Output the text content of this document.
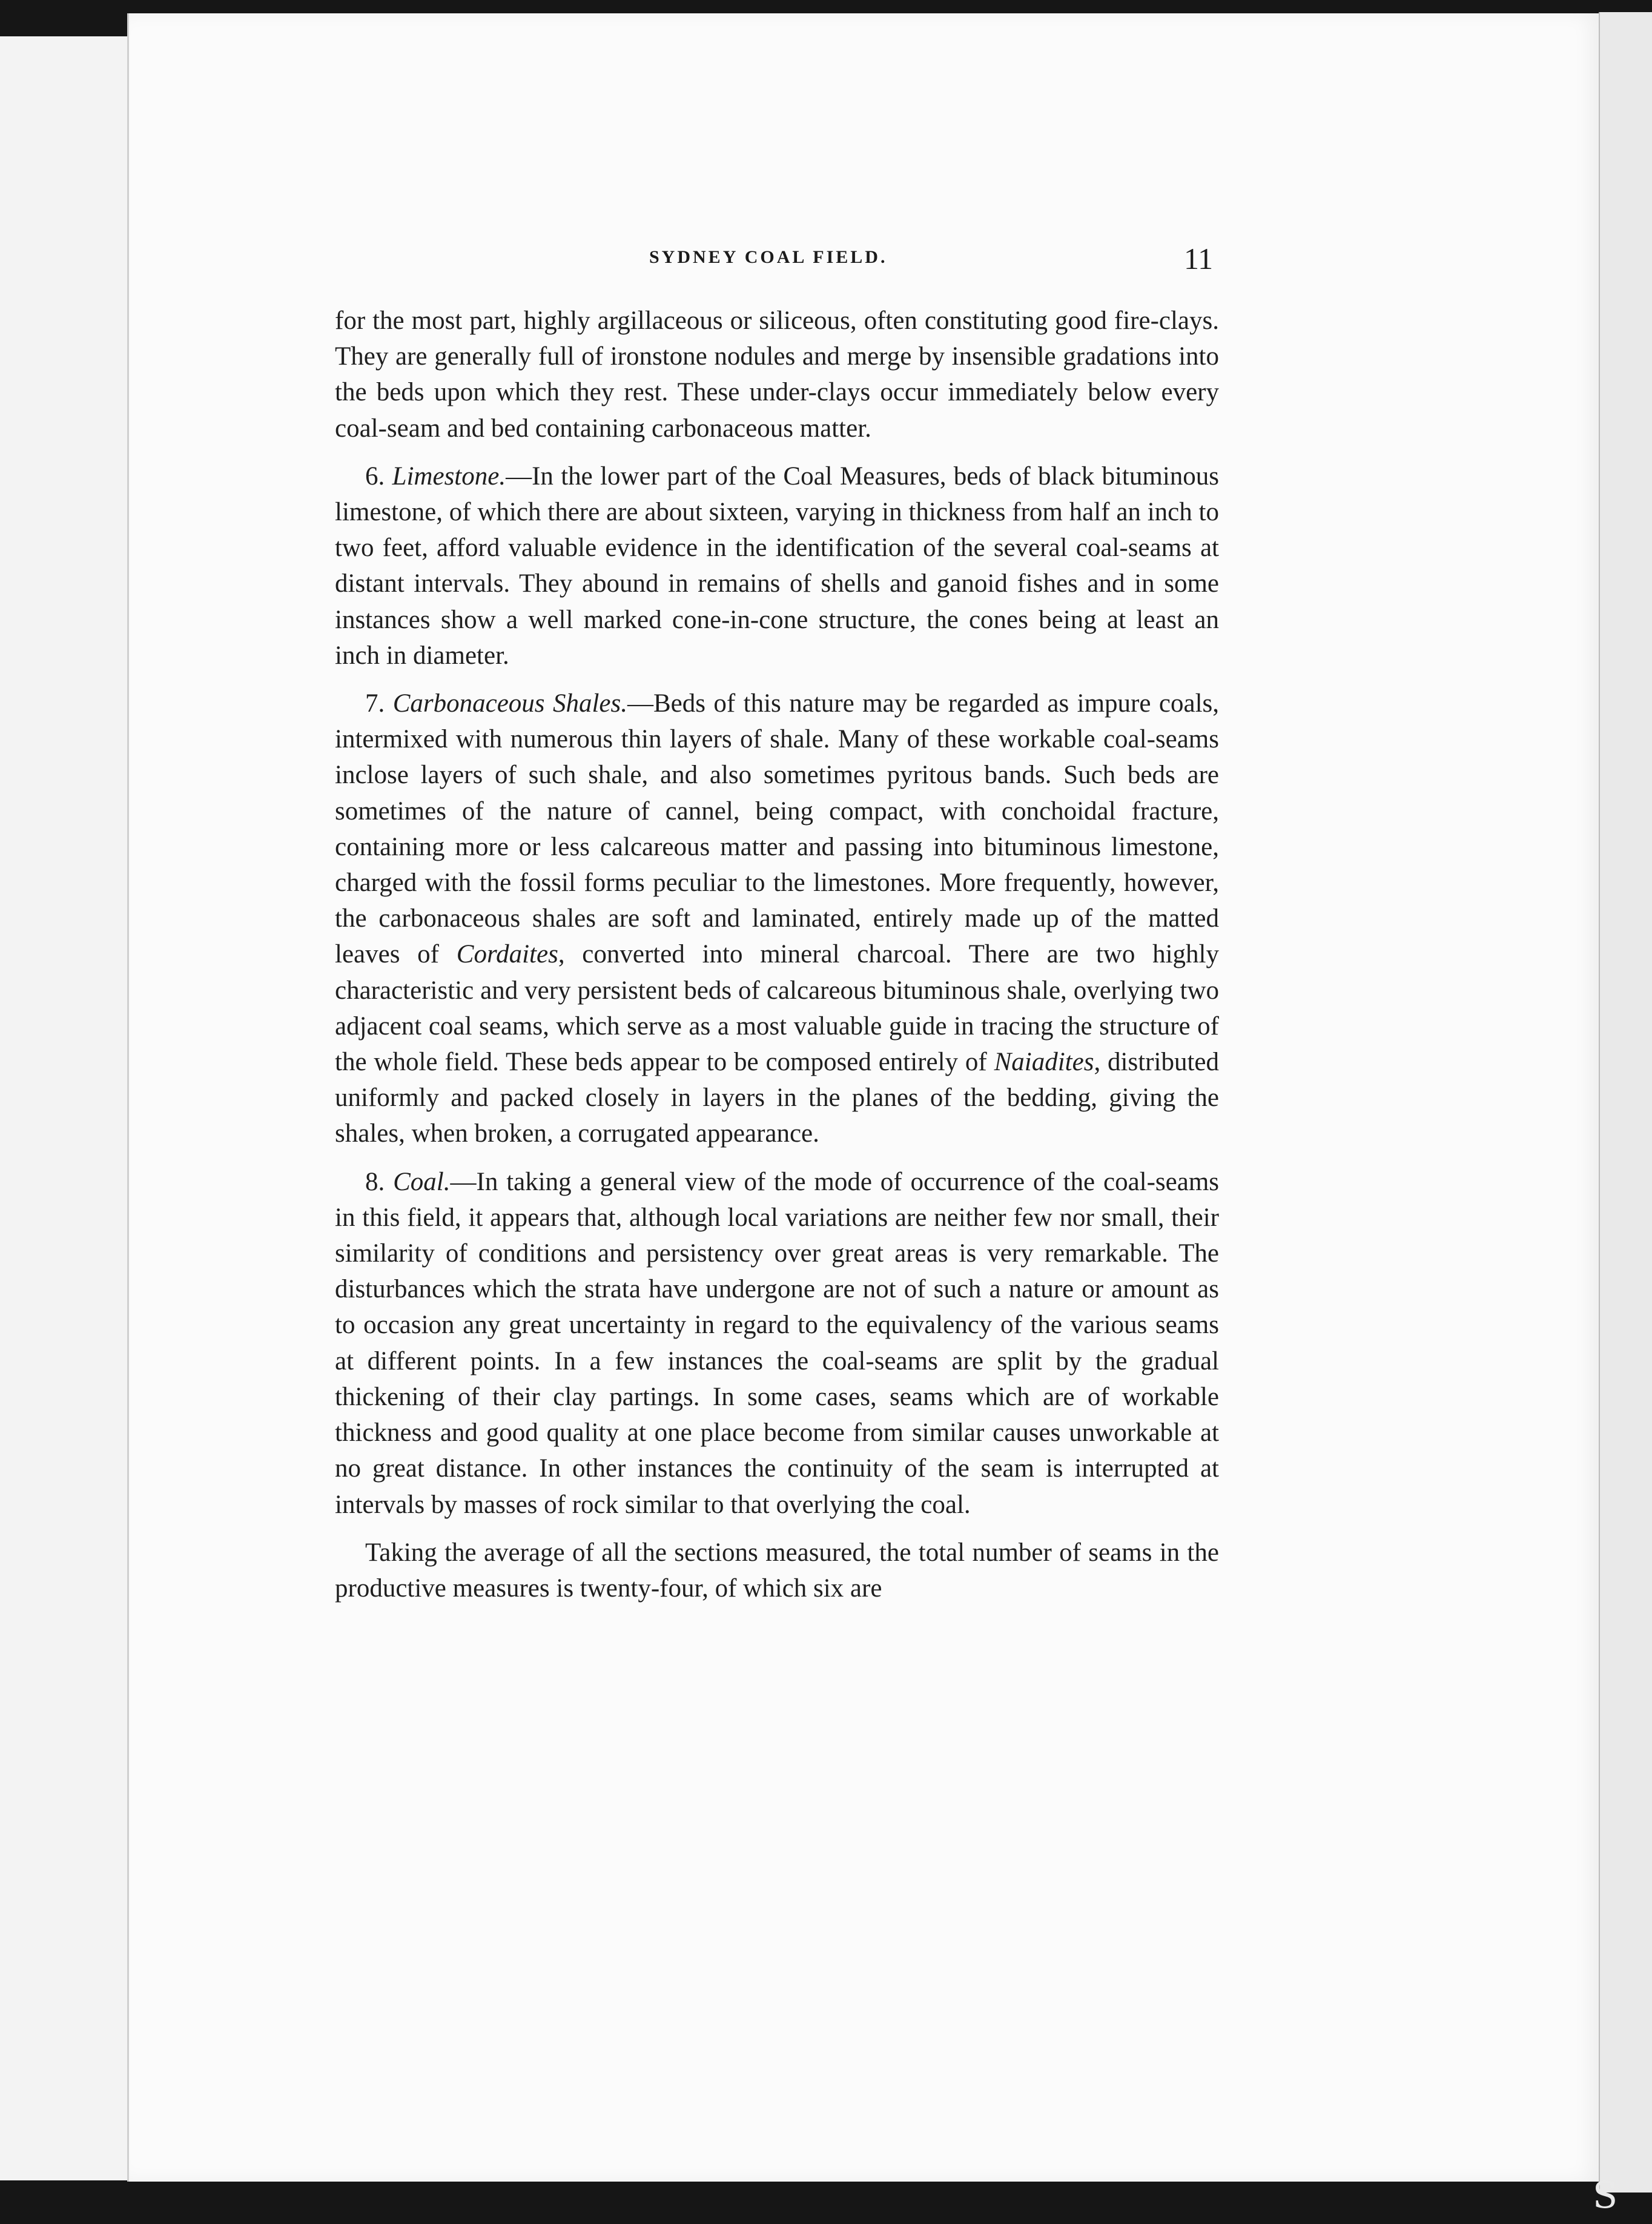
SYDNEY COAL FIELD.	11

for the most part, highly argillaceous or siliceous, often constituting good fire-clays. They are generally full of ironstone nodules and merge by insensible gradations into the beds upon which they rest. These under-clays occur immediately below every coal-seam and bed containing carbonaceous matter.

6. Limestone.—In the lower part of the Coal Measures, beds of black bituminous limestone, of which there are about sixteen, varying in thickness from half an inch to two feet, afford valuable evidence in the identification of the several coal-seams at distant intervals. They abound in remains of shells and ganoid fishes and in some instances show a well marked cone-in-cone structure, the cones being at least an inch in diameter.

7. Carbonaceous Shales.—Beds of this nature may be regarded as impure coals, intermixed with numerous thin layers of shale. Many of these workable coal-seams inclose layers of such shale, and also sometimes pyritous bands. Such beds are sometimes of the nature of cannel, being compact, with conchoidal fracture, containing more or less calcareous matter and passing into bituminous limestone, charged with the fossil forms peculiar to the limestones. More frequently, however, the carbonaceous shales are soft and laminated, entirely made up of the matted leaves of Cordaites, converted into mineral charcoal. There are two highly characteristic and very persistent beds of calcareous bituminous shale, overlying two adjacent coal seams, which serve as a most valuable guide in tracing the structure of the whole field. These beds appear to be composed entirely of Naiadites, distributed uniformly and packed closely in layers in the planes of the bedding, giving the shales, when broken, a corrugated appearance.

8. Coal.—In taking a general view of the mode of occurrence of the coal-seams in this field, it appears that, although local variations are neither few nor small, their similarity of conditions and persistency over great areas is very remarkable. The disturbances which the strata have undergone are not of such a nature or amount as to occasion any great uncertainty in regard to the equivalency of the various seams at different points. In a few instances the coal-seams are split by the gradual thickening of their clay partings. In some cases, seams which are of workable thickness and good quality at one place become from similar causes unworkable at no great distance. In other instances the continuity of the seam is interrupted at intervals by masses of rock similar to that overlying the coal.

Taking the average of all the sections measured, the total number of seams in the productive measures is twenty-four, of which six are

S
